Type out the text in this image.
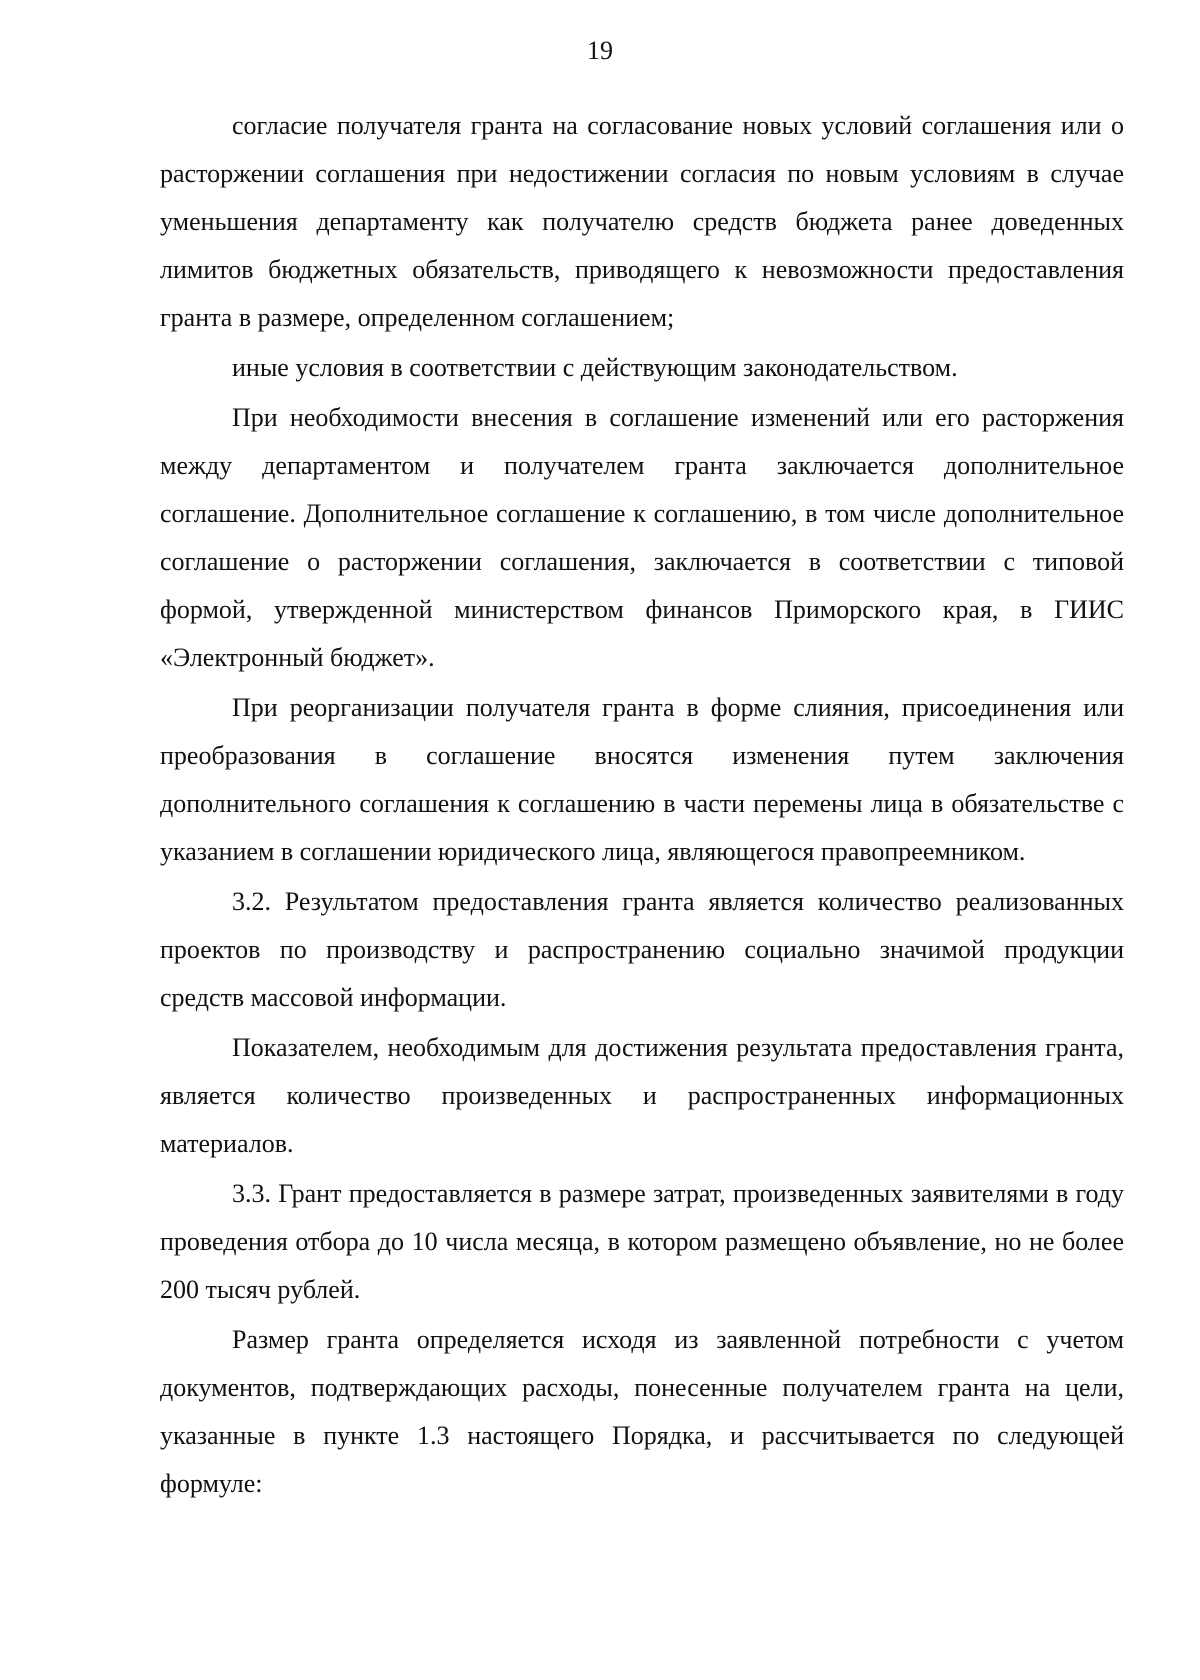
19

согласие получателя гранта на согласование новых условий соглашения или о расторжении соглашения при недостижении согласия по новым условиям в случае уменьшения департаменту как получателю средств бюджета ранее доведенных лимитов бюджетных обязательств, приводящего к невозможности предоставления гранта в размере, определенном соглашением;

иные условия в соответствии с действующим законодательством.

При необходимости внесения в соглашение изменений или его расторжения между департаментом и получателем гранта заключается дополнительное соглашение. Дополнительное соглашение к соглашению, в том числе дополнительное соглашение о расторжении соглашения, заключается в соответствии с типовой формой, утвержденной министерством финансов Приморского края, в ГИИС «Электронный бюджет».

При реорганизации получателя гранта в форме слияния, присоединения или преобразования в соглашение вносятся изменения путем заключения дополнительного соглашения к соглашению в части перемены лица в обязательстве с указанием в соглашении юридического лица, являющегося правопреемником.

3.2. Результатом предоставления гранта является количество реализованных проектов по производству и распространению социально значимой продукции средств массовой информации.

Показателем, необходимым для достижения результата предоставления гранта, является количество произведенных и распространенных информационных материалов.

3.3. Грант предоставляется в размере затрат, произведенных заявителями в году проведения отбора до 10 числа месяца, в котором размещено объявление, но не более 200 тысяч рублей.

Размер гранта определяется исходя из заявленной потребности с учетом документов, подтверждающих расходы, понесенные получателем гранта на цели, указанные в пункте 1.3 настоящего Порядка, и рассчитывается по следующей формуле:
